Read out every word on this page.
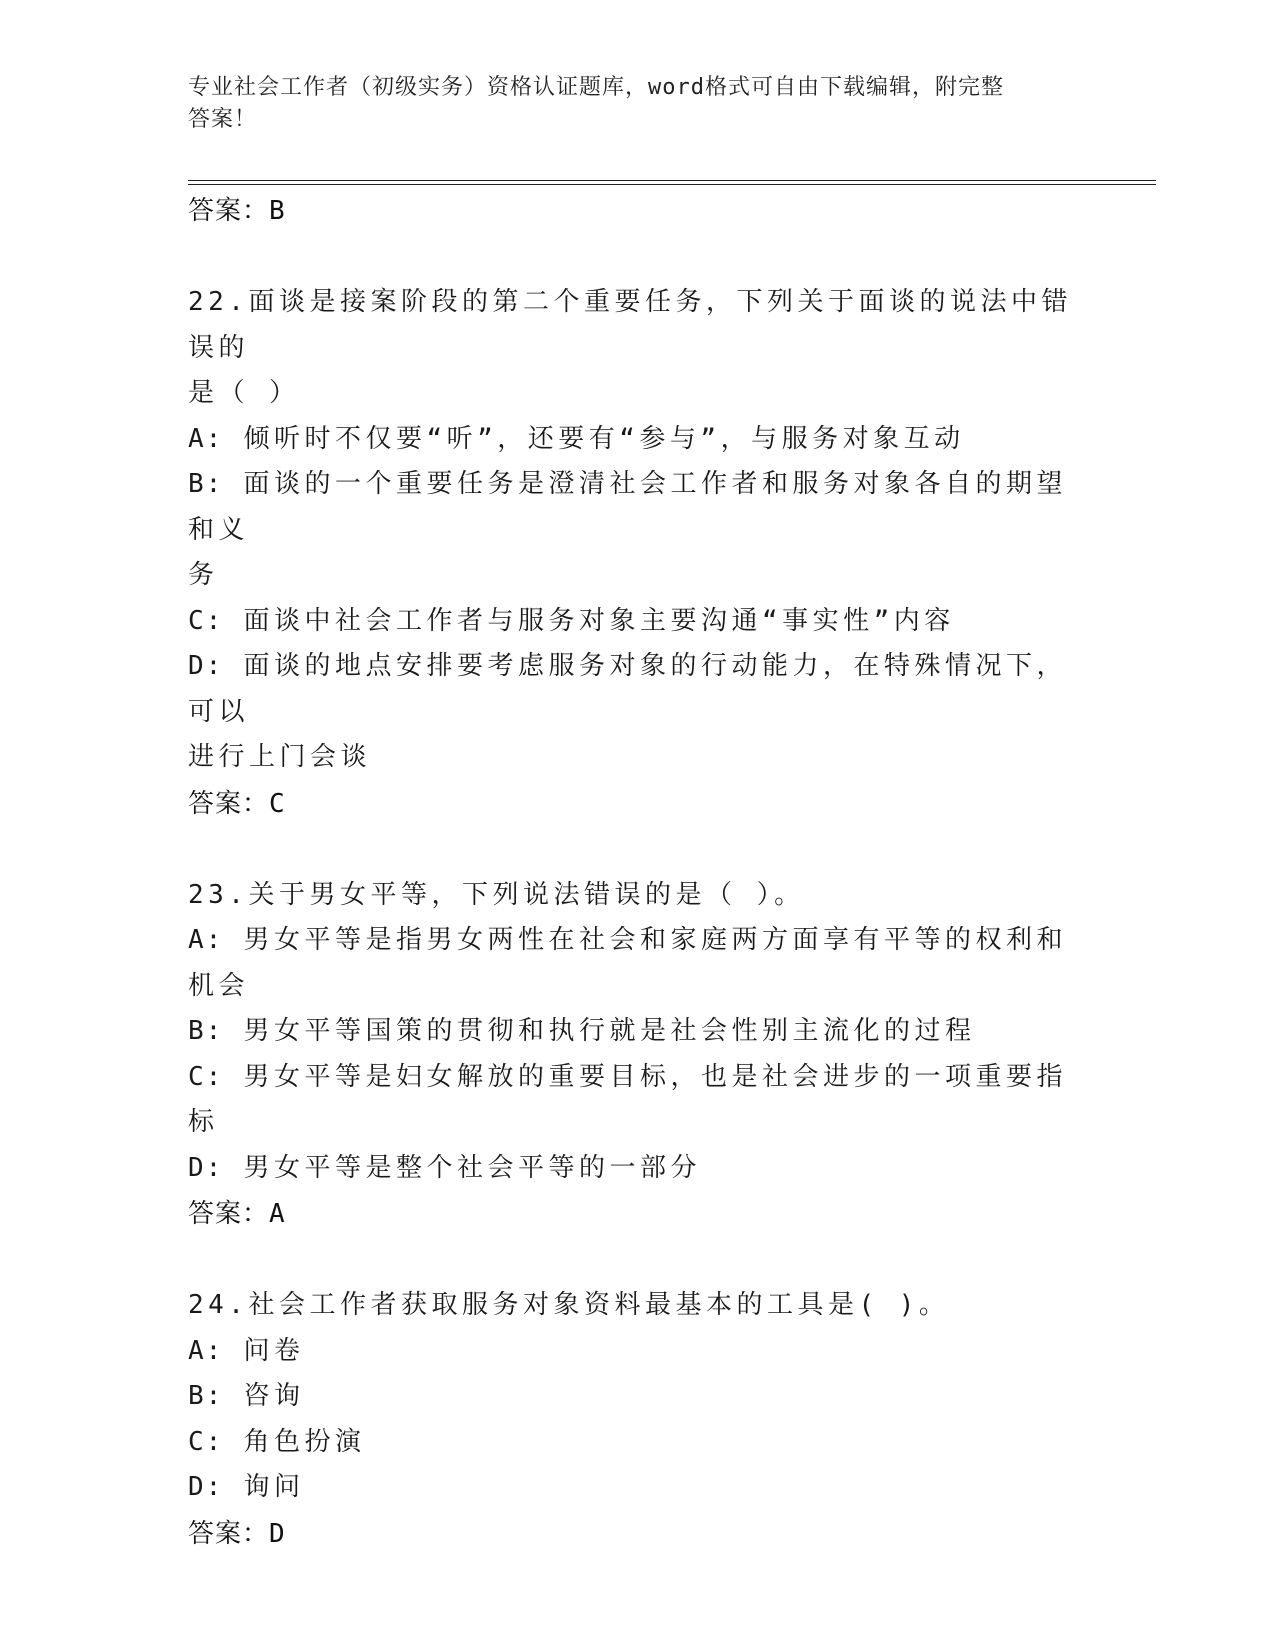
专业社会工作者（初级实务）资格认证题库，word格式可自由下载编辑，附完整
答案！
答案：B
22.面谈是接案阶段的第二个重要任务，下列关于面谈的说法中错误的
是（ ）
A: 倾听时不仅要“听”，还要有“参与”，与服务对象互动
B: 面谈的一个重要任务是澄清社会工作者和服务对象各自的期望和义
务
C: 面谈中社会工作者与服务对象主要沟通“事实性”内容
D: 面谈的地点安排要考虑服务对象的行动能力，在特殊情况下，可以
进行上门会谈
答案：C
23.关于男女平等，下列说法错误的是（ ）。
A: 男女平等是指男女两性在社会和家庭两方面享有平等的权利和机会
B: 男女平等国策的贯彻和执行就是社会性别主流化的过程
C: 男女平等是妇女解放的重要目标，也是社会进步的一项重要指标
D: 男女平等是整个社会平等的一部分
答案：A
24.社会工作者获取服务对象资料最基本的工具是( )。
A: 问卷
B: 咨询
C: 角色扮演
D: 询问
答案：D
